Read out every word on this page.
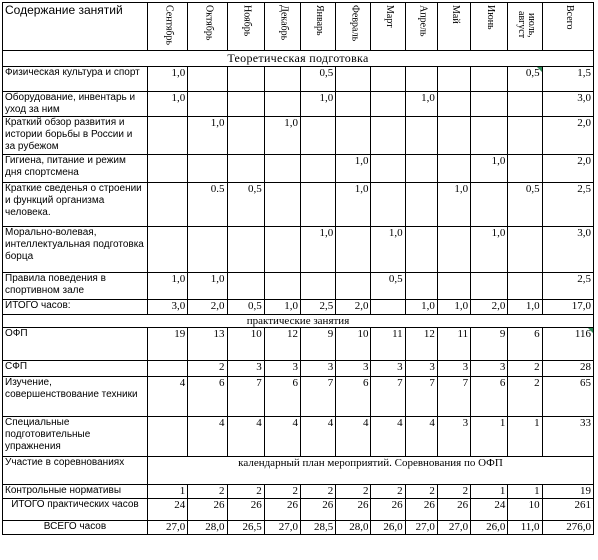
Содержание занятий	Сентябрь	Октябрь	Ноябрь	Декабрь	Январь	Февраль	Март	Апрель	Май	Июнь	июль, август	Всего
Теоретическая подготовка												
Физическая культура и спорт	1,0				0,5						0,5	1,5
Оборудование, инвентарь и уход за ним	1,0				1,0			1,0				3,0
Краткий обзор развития и истории борьбы в России и за рубежом		1,0		1,0								2,0
Гигиена, питание и режим дня спортсмена						1,0				1,0		2,0
Краткие сведенья о строении и функций организма человека.		0.5	0,5			1,0			1,0		0,5	2,5
Морально-волевая, интеллектуальная подготовка борца					1,0		1,0			1,0		3,0
Правила поведения в спортивном зале	1,0	1,0					0,5					2,5
ИТОГО часов:	3,0	2,0	0,5	1,0	2,5	2,0		1,0	1,0	2,0	1,0	17,0
практические занятия												
ОФП	19	13	10	12	9	10	11	12	11	9	6	116
СФП		2	3	3	3	3	3	3	3	3	2	28
Изучение, совершенствование техники	4	6	7	6	7	6	7	7	7	6	2	65
Специальные подготовительные упражнения		4	4	4	4	4	4	4	3	1	1	33
Участие в соревнованиях	календарный план мероприятий. Соревнования по ОФП											
Контрольные нормативы	1	2	2	2	2	2	2	2	2	1	1	19
ИТОГО практических часов	24	26	26	26	26	26	26	26	26	24	10	261
ВСЕГО часов	27,0	28,0	26,5	27,0	28,5	28,0	26,0	27,0	27,0	26,0	11,0	276,0
